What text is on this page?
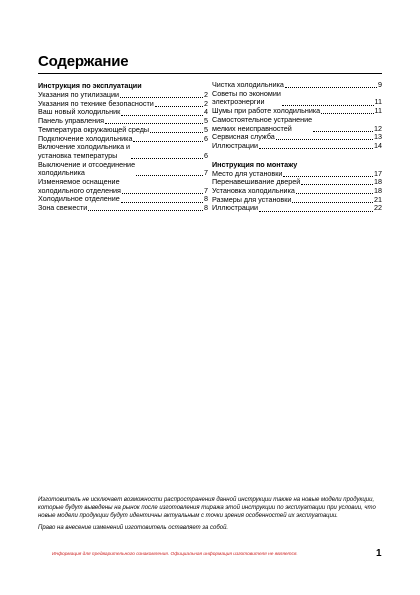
Содержание
Инструкция по эксплуатации
Указания по утилизации	2
Указания по технике безопасности	2
Ваш новый холодильник	4
Панель управления	5
Температура окружающей среды	5
Подключение холодильника	6
Включение холодильника и
установка температуры	6
Выключение и отсоединение
холодильника	7
Изменяемое оснащение
холодильного отделения	7
Холодильное отделение	8
Зона свежести	8
Чистка холодильника	9
Советы по экономии
электроэнергии	11
Шумы при работе холодильника	11
Самостоятельное устранение
мелких неисправностей	12
Сервисная служба	13
Иллюстрации	14
Инструкция по монтажу
Место для установки	17
Перенавешивание дверей	18
Установка холодильника	18
Размеры для установки	21
Иллюстрации	22

Изготовитель не исключает возможности распространения данной инструкции также на новые модели продукции, которые будут выведены на рынок после изготовления тиража этой инструкции по эксплуатации при условии, что новые модели продукции будут идентичны актуальным с точки зрения особенностей их эксплуатации.

Право на внесение изменений изготовитель оставляет за собой.

Информация для предварительного ознакомления. Официальная информация изготовителя не является.	1
